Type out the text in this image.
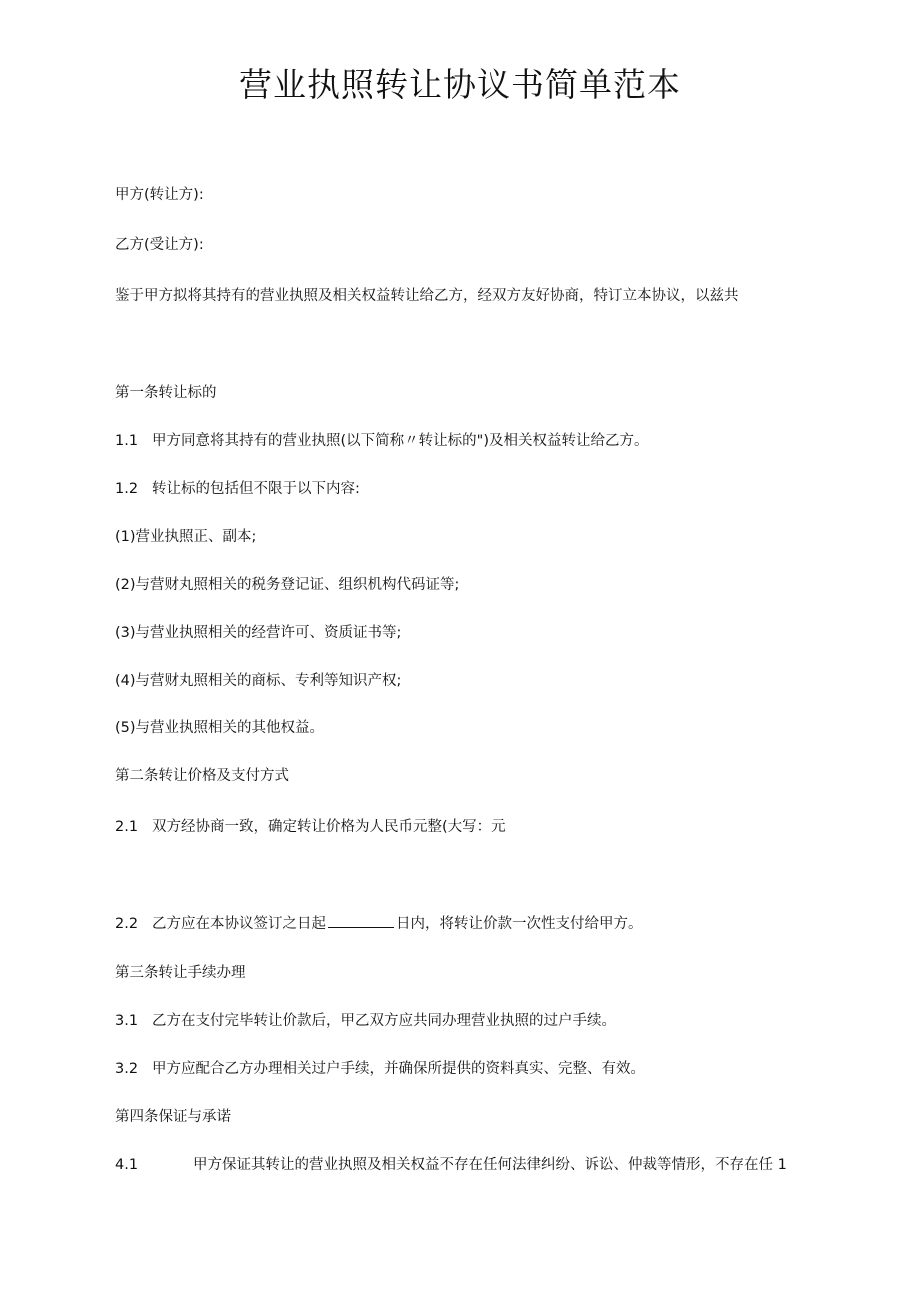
营业执照转让协议书简单范本

甲方(转让方):

乙方(受让方):

鉴于甲方拟将其持有的营业执照及相关权益转让给乙方，经双方友好协商，特订立本协议，以兹共

第一条转让标的

1.1 甲方同意将其持有的营业执照(以下简称〃转让标的")及相关权益转让给乙方。

1.2 转让标的包括但不限于以下内容:

(1)营业执照正、副本;

(2)与营财丸照相关的税务登记证、组织机构代码证等;

(3)与营业执照相关的经营许可、资质证书等;

(4)与营财丸照相关的商标、专利等知识产权;

(5)与营业执照相关的其他权益。

第二条转让价格及支付方式

2.1 双方经协商一致，确定转让价格为人民币元整(大写：元

2.2 乙方应在本协议签订之日起	日内，将转让价款一次性支付给甲方。

第三条转让手续办理

3.1 乙方在支付完毕转让价款后，甲乙双方应共同办理营业执照的过户手续。

3.2 甲方应配合乙方办理相关过户手续，并确保所提供的资料真实、完整、有效。

第四条保证与承诺

4.1	甲方保证其转让的营业执照及相关权益不存在任何法律纠纷、诉讼、仲裁等情形，不存在任 1
